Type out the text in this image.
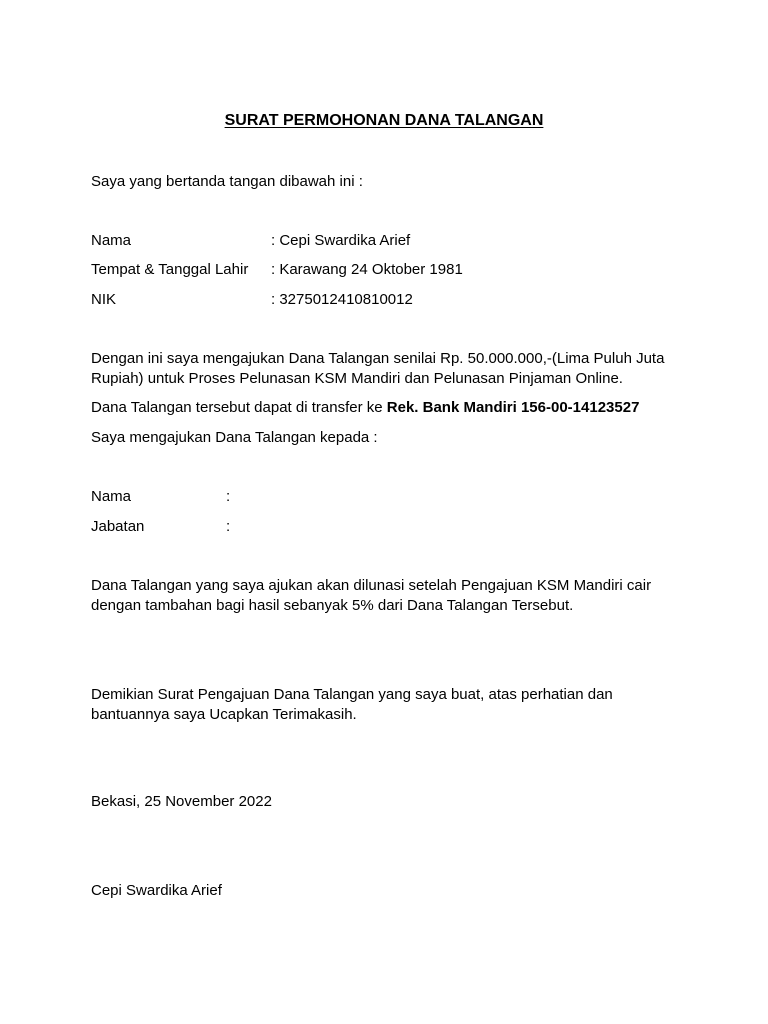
SURAT PERMOHONAN DANA TALANGAN
Saya yang bertanda tangan dibawah ini :
Nama	: Cepi Swardika Arief
Tempat & Tanggal Lahir : Karawang 24 Oktober 1981
NIK	: 3275012410810012
Dengan ini saya mengajukan Dana Talangan senilai Rp. 50.000.000,-(Lima Puluh Juta
Rupiah) untuk Proses Pelunasan KSM Mandiri dan Pelunasan Pinjaman Online.
Dana Talangan tersebut dapat di transfer ke Rek. Bank Mandiri 156-00-14123527
Saya mengajukan Dana Talangan kepada :
Nama	:
Jabatan	:
Dana Talangan yang saya ajukan akan dilunasi setelah Pengajuan KSM Mandiri cair
dengan tambahan bagi hasil sebanyak 5% dari Dana Talangan Tersebut.
Demikian Surat Pengajuan Dana Talangan yang saya buat, atas perhatian dan
bantuannya saya Ucapkan Terimakasih.
Bekasi, 25 November 2022
Cepi Swardika Arief
